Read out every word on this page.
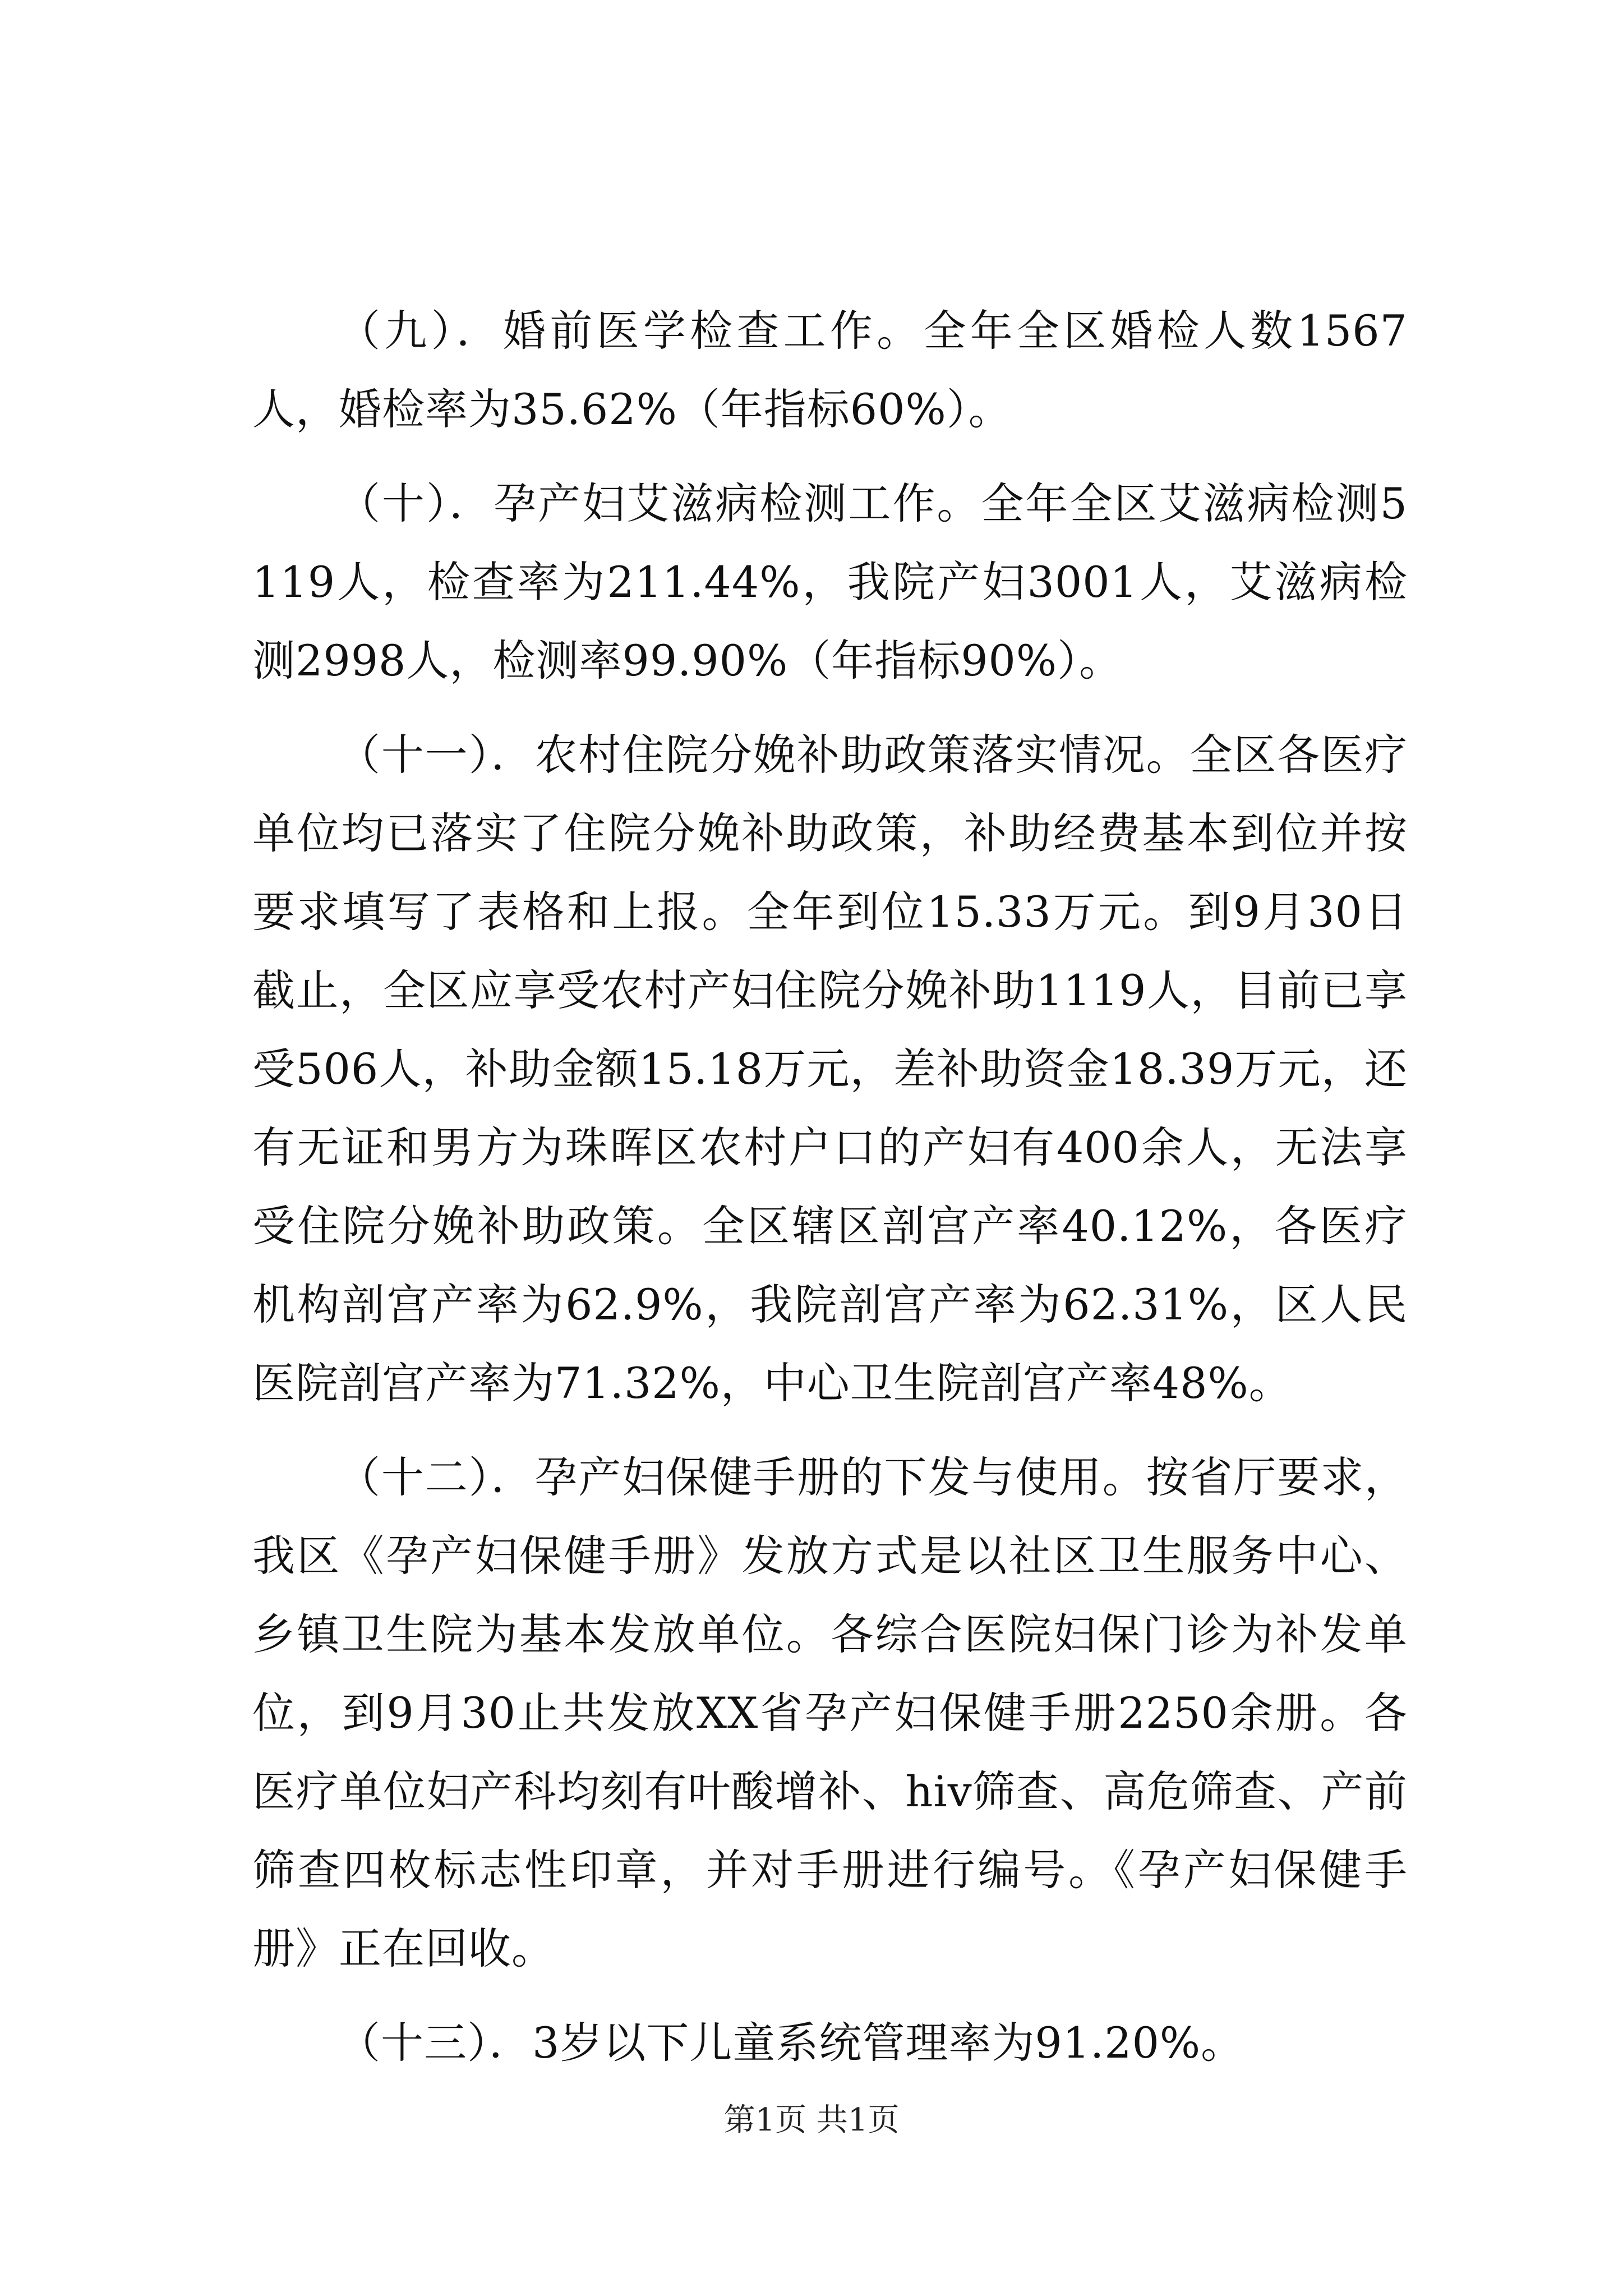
（九）．婚前医学检查工作。全年全区婚检人数1567人，婚检率为35.62%（年指标60%）。

（十）．孕产妇艾滋病检测工作。全年全区艾滋病检测5119人，检查率为211.44%，我院产妇3001人，艾滋病检测2998人，检测率99.90%（年指标90%）。

（十一）．农村住院分娩补助政策落实情况。全区各医疗单位均已落实了住院分娩补助政策，补助经费基本到位并按要求填写了表格和上报。全年到位15.33万元。到9月30日截止，全区应享受农村产妇住院分娩补助1119人，目前已享受506人，补助金额15.18万元，差补助资金18.39万元，还有无证和男方为珠晖区农村户口的产妇有400余人，无法享受住院分娩补助政策。全区辖区剖宫产率40.12%，各医疗机构剖宫产率为62.9%，我院剖宫产率为62.31%，区人民医院剖宫产率为71.32%，中心卫生院剖宫产率48%。

（十二）．孕产妇保健手册的下发与使用。按省厅要求，我区《孕产妇保健手册》发放方式是以社区卫生服务中心、乡镇卫生院为基本发放单位。各综合医院妇保门诊为补发单位，到9月30止共发放XX省孕产妇保健手册2250余册。各医疗单位妇产科均刻有叶酸增补、hiv筛查、高危筛查、产前筛查四枚标志性印章，并对手册进行编号。《孕产妇保健手册》正在回收。

（十三）．3岁以下儿童系统管理率为91.20%。

第1页 共1页
